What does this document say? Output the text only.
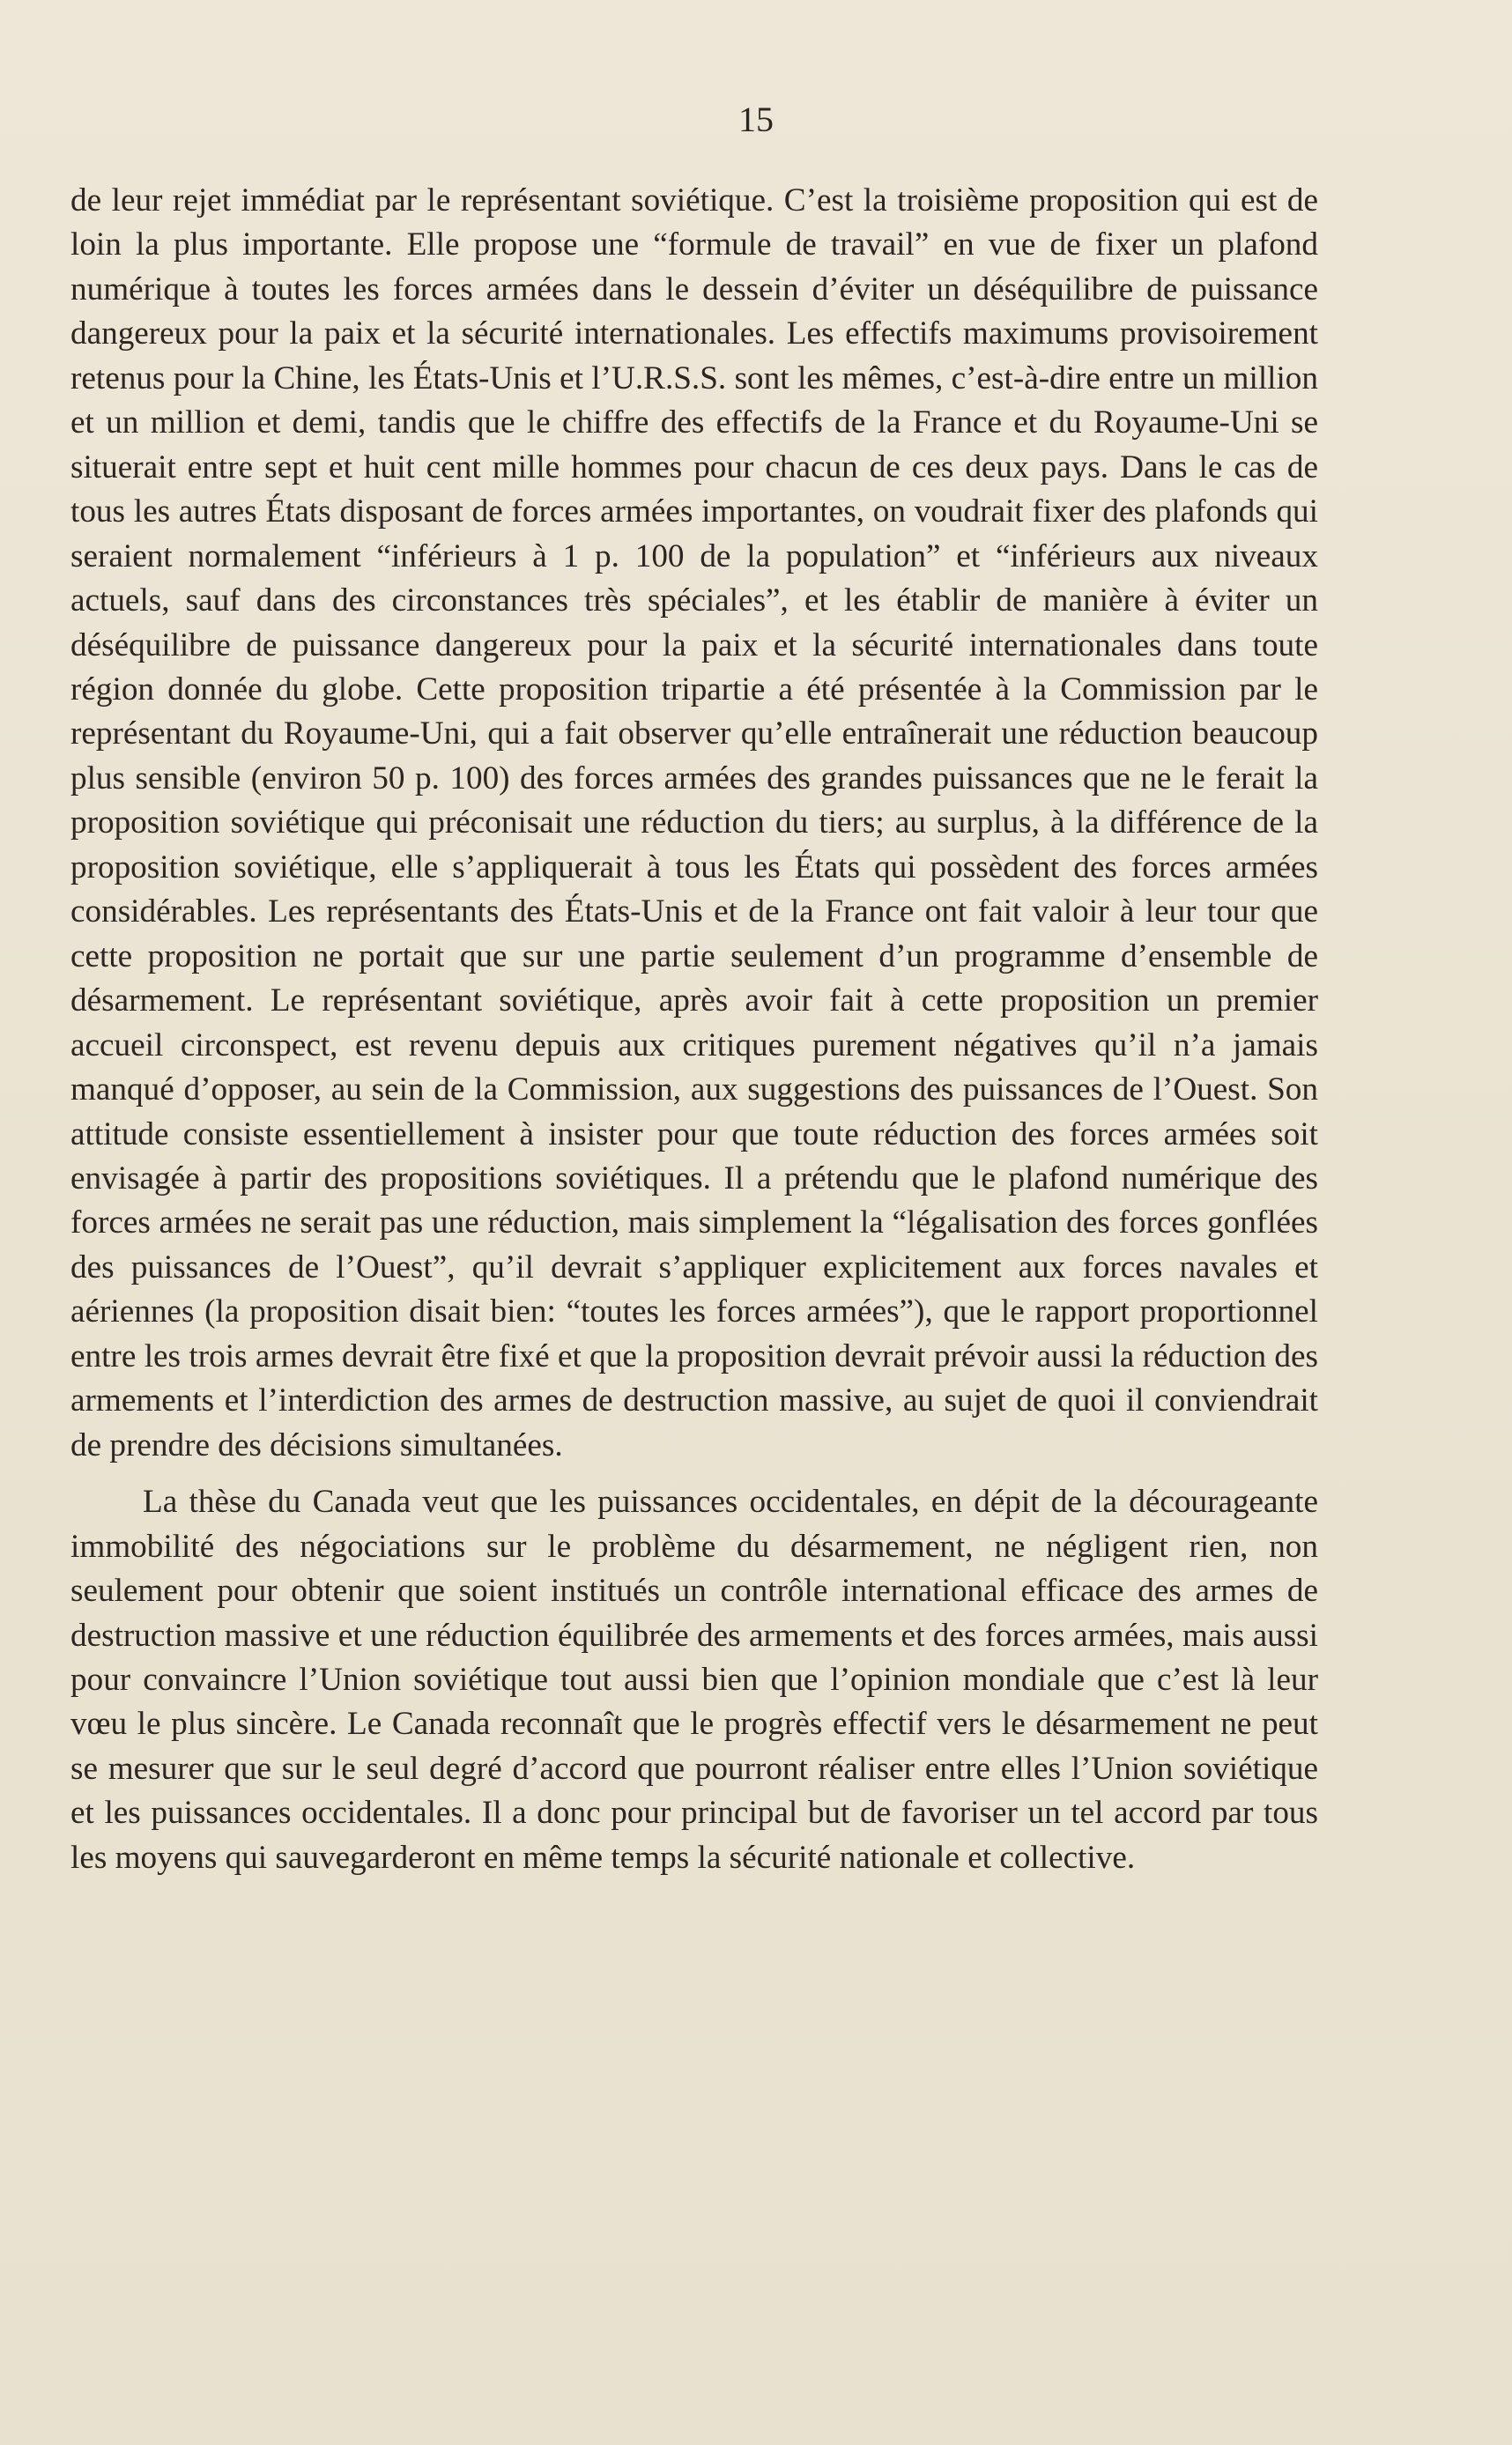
15

de leur rejet immédiat par le représentant soviétique. C’est la troisième proposition qui est de loin la plus importante. Elle propose une “formule de travail” en vue de fixer un plafond numérique à toutes les forces armées dans le dessein d’éviter un déséquilibre de puissance dangereux pour la paix et la sécurité internationales. Les effectifs maximums provisoirement retenus pour la Chine, les États-Unis et l’U.R.S.S. sont les mêmes, c’est-à-dire entre un million et un million et demi, tandis que le chiffre des effectifs de la France et du Royaume-Uni se situerait entre sept et huit cent mille hommes pour chacun de ces deux pays. Dans le cas de tous les autres États disposant de forces armées importantes, on voudrait fixer des plafonds qui seraient normalement “inférieurs à 1 p. 100 de la population” et “inférieurs aux niveaux actuels, sauf dans des circonstances très spéciales”, et les établir de manière à éviter un déséquilibre de puissance dangereux pour la paix et la sécurité internationales dans toute région donnée du globe. Cette proposition tripartie a été présentée à la Commission par le représentant du Royaume-Uni, qui a fait observer qu’elle entraînerait une réduction beaucoup plus sensible (environ 50 p. 100) des forces armées des grandes puissances que ne le ferait la proposition soviétique qui préconisait une réduction du tiers; au surplus, à la différence de la proposition soviétique, elle s’appliquerait à tous les États qui possèdent des forces armées considérables. Les représentants des États-Unis et de la France ont fait valoir à leur tour que cette proposition ne portait que sur une partie seulement d’un programme d’ensemble de désarmement. Le représentant soviétique, après avoir fait à cette proposition un premier accueil circonspect, est revenu depuis aux critiques purement négatives qu’il n’a jamais manqué d’opposer, au sein de la Commission, aux suggestions des puissances de l’Ouest. Son attitude consiste essentiellement à insister pour que toute réduction des forces armées soit envisagée à partir des propositions soviétiques. Il a prétendu que le plafond numérique des forces armées ne serait pas une réduction, mais simplement la “légalisation des forces gonflées des puissances de l’Ouest”, qu’il devrait s’appliquer explicitement aux forces navales et aériennes (la proposition disait bien: “toutes les forces armées”), que le rapport proportionnel entre les trois armes devrait être fixé et que la proposition devrait prévoir aussi la réduction des armements et l’interdiction des armes de destruction massive, au sujet de quoi il conviendrait de prendre des décisions simultanées.

La thèse du Canada veut que les puissances occidentales, en dépit de la décourageante immobilité des négociations sur le problème du désarmement, ne négligent rien, non seulement pour obtenir que soient institués un contrôle international efficace des armes de destruction massive et une réduction équilibrée des armements et des forces armées, mais aussi pour convaincre l’Union soviétique tout aussi bien que l’opinion mondiale que c’est là leur vœu le plus sincère. Le Canada reconnaît que le progrès effectif vers le désarmement ne peut se mesurer que sur le seul degré d’accord que pourront réaliser entre elles l’Union soviétique et les puissances occidentales. Il a donc pour principal but de favoriser un tel accord par tous les moyens qui sauvegarderont en même temps la sécurité nationale et collective.
